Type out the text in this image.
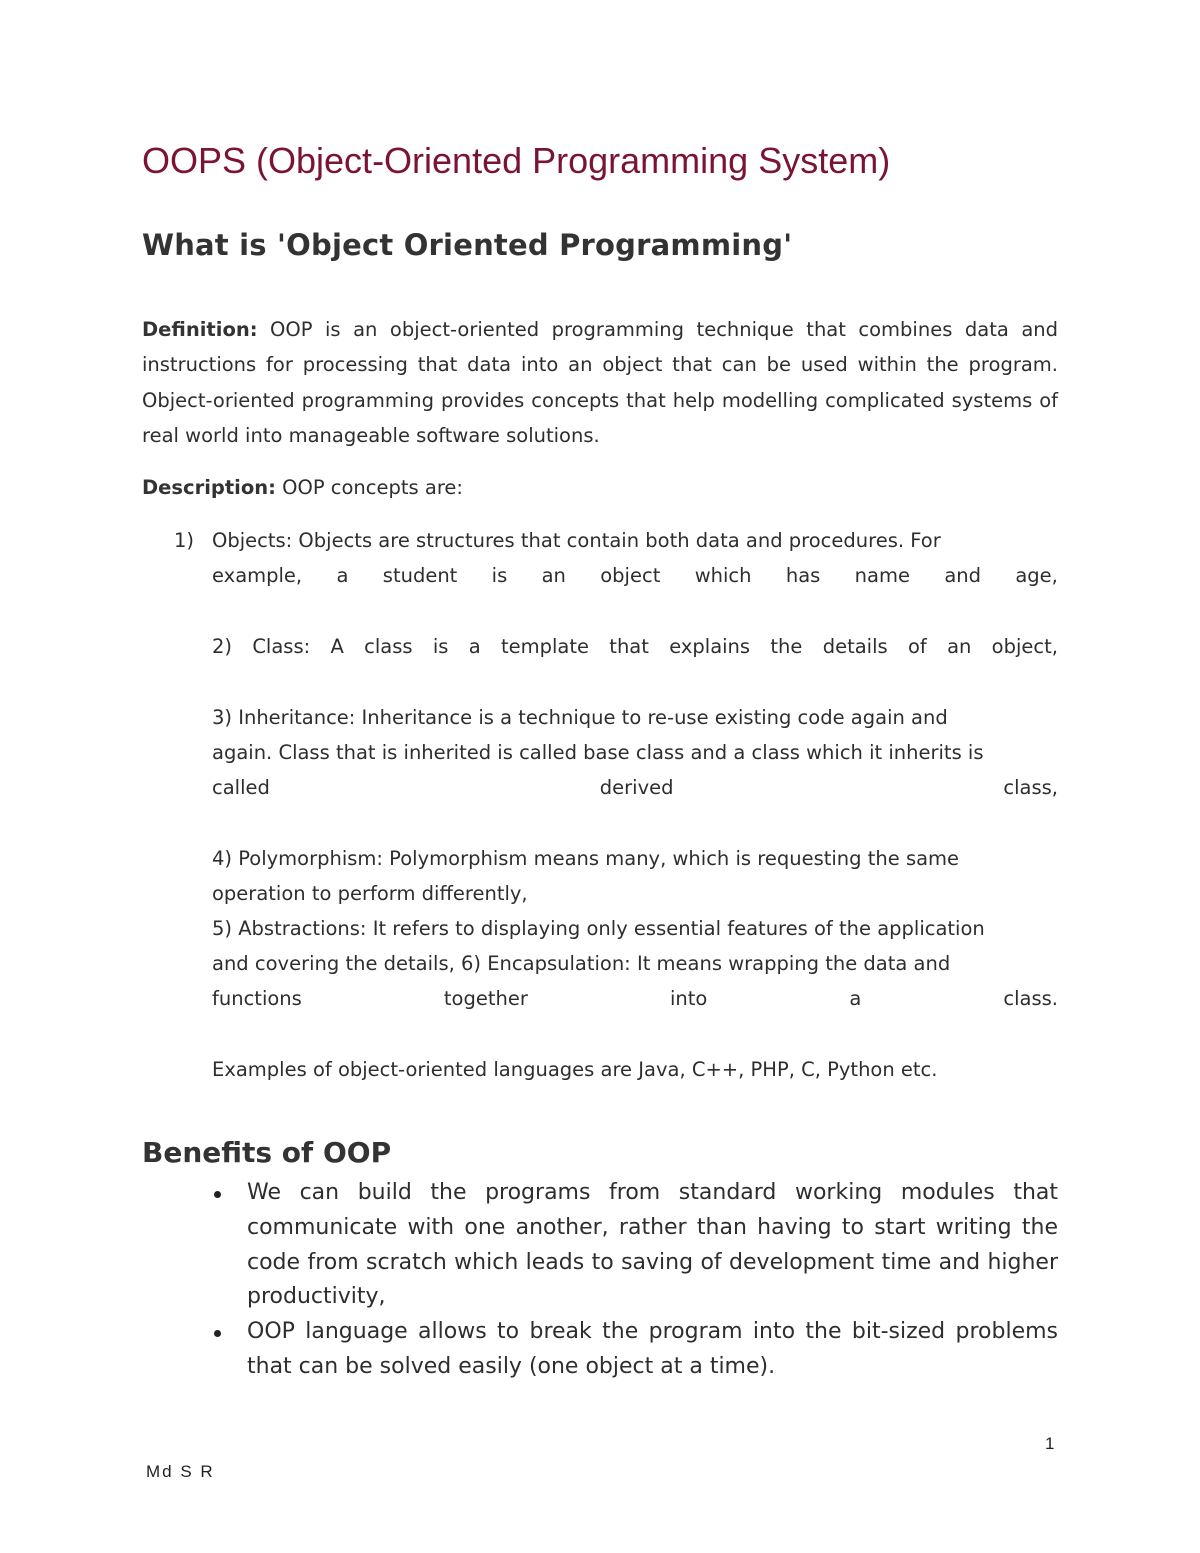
OOPS (Object-Oriented Programming System)
What is 'Object Oriented Programming'
Definition: OOP is an object-oriented programming technique that combines data and instructions for processing that data into an object that can be used within the program. Object-oriented programming provides concepts that help modelling complicated systems of real world into manageable software solutions.
Description: OOP concepts are:
1) Objects: Objects are structures that contain both data and procedures. For
example, a student is an object which has name and age,
2) Class: A class is a template that explains the details of an object,
3) Inheritance: Inheritance is a technique to re-use existing code again and
again. Class that is inherited is called base class and a class which it inherits is
called	derived	class,
4) Polymorphism: Polymorphism means many, which is requesting the same
operation to perform differently,
5) Abstractions: It refers to displaying only essential features of the application
and covering the details, 6) Encapsulation: It means wrapping the data and
functions	together	into	a	class.
Examples of object-oriented languages are Java, C++, PHP, C, Python etc.
Benefits of OOP
We can build the programs from standard working modules that communicate with one another, rather than having to start writing the code from scratch which leads to saving of development time and higher productivity,
OOP language allows to break the program into the bit-sized problems that can be solved easily (one object at a time).
1
Md S R
